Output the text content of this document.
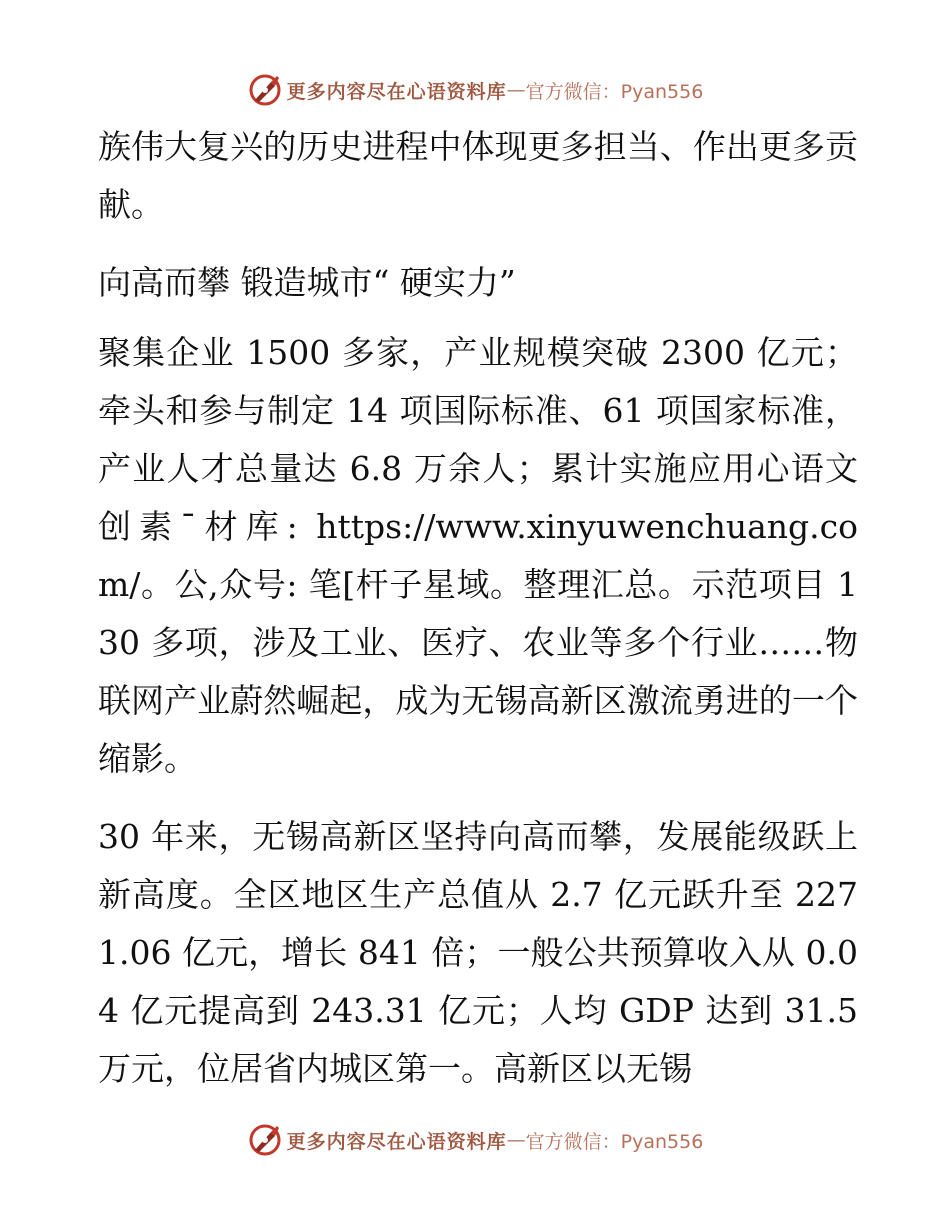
更多内容尽在心语资料库 — 官方微信：Pyan556

族伟大复兴的历史进程中体现更多担当、作出更多贡献。

向高而攀 锻造城市“ 硬实力”

聚集企业 1500 多家，产业规模突破 2300 亿元；牵头和参与制定 14 项国际标准、61 项国家标准，产业人才总量达 6.8 万余人；累计实施应用心语文创素¯材库: https://www.xinyuwenchuang.com/。公,众号: 笔[杆子星域。整理汇总。示范项目 130 多项，涉及工业、医疗、农业等多个行业……物联网产业蔚然崛起，成为无锡高新区激流勇进的一个缩影。

30 年来，无锡高新区坚持向高而攀，发展能级跃上新高度。全区地区生产总值从 2.7 亿元跃升至 2271.06 亿元，增长 841 倍；一般公共预算收入从 0.04 亿元提高到 243.31 亿元；人均 GDP 达到 31.5 万元，位居省内城区第一。高新区以无锡

更多内容尽在心语资料库 — 官方微信：Pyan556
